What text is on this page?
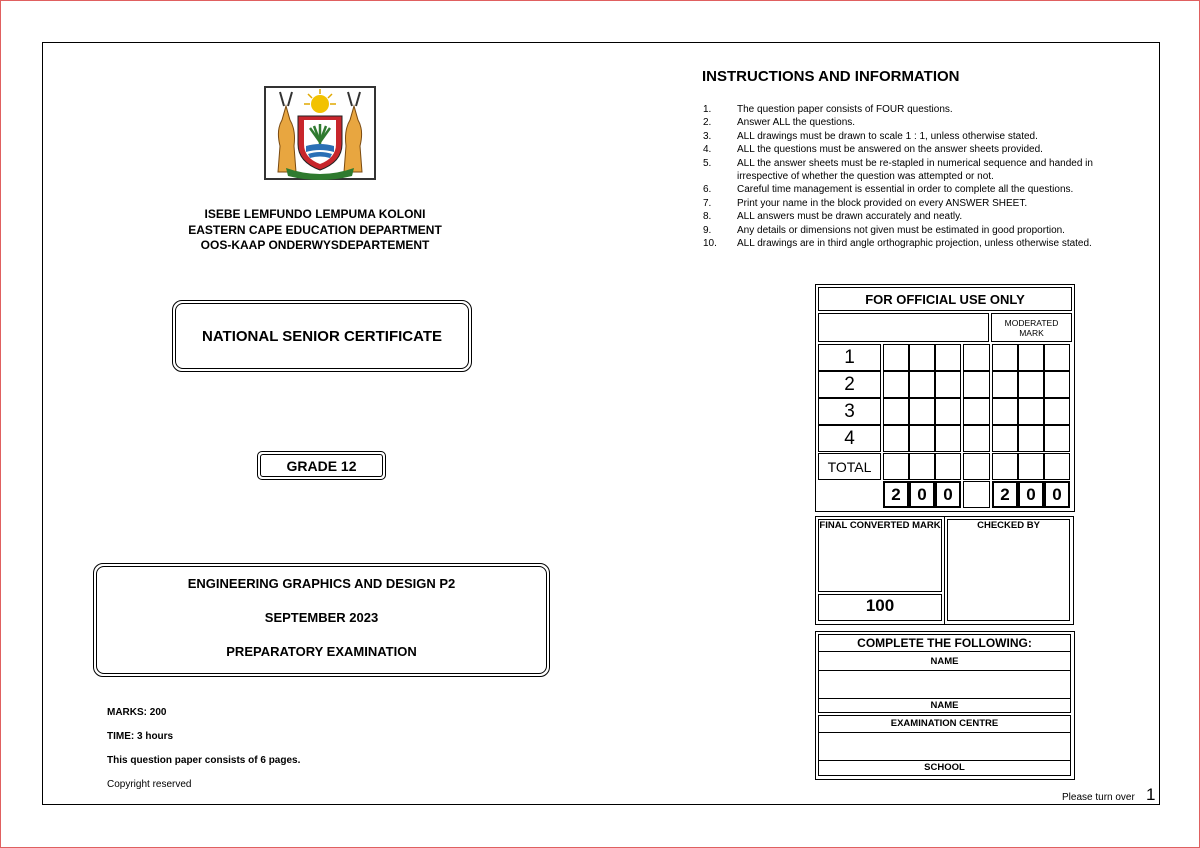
ISEBE LEMFUNDO LEMPUMA KOLONI
EASTERN CAPE EDUCATION DEPARTMENT
OOS-KAAP ONDERWYSDEPARTEMENT
NATIONAL SENIOR CERTIFICATE
GRADE 12
ENGINEERING GRAPHICS AND DESIGN P2
SEPTEMBER 2023
PREPARATORY EXAMINATION
MARKS: 200
TIME: 3 hours
This question paper consists of 6 pages.
Copyright reserved
INSTRUCTIONS AND INFORMATION
1.	The question paper consists of FOUR questions.
2.	Answer ALL the questions.
3.	ALL drawings must be drawn to scale 1 : 1, unless otherwise stated.
4.	ALL the questions must be answered on the answer sheets provided.
5.	ALL the answer sheets must be re-stapled in numerical sequence and handed in irrespective of whether the question was attempted or not.
6.	Careful time management is essential in order to complete all the questions.
7.	Print your name in the block provided on every ANSWER SHEET.
8.	ALL answers must be drawn accurately and neatly.
9.	Any details or dimensions not given must be estimated in good proportion.
10.	ALL drawings are in third angle orthographic projection, unless otherwise stated.
FOR OFFICIAL USE ONLY
MODERATED MARK
1
2
3
4
TOTAL
2 0 0	2 0 0
FINAL CONVERTED MARK
100
CHECKED BY
COMPLETE THE FOLLOWING:
NAME
NAME
EXAMINATION CENTRE
SCHOOL
Please turn over 1
